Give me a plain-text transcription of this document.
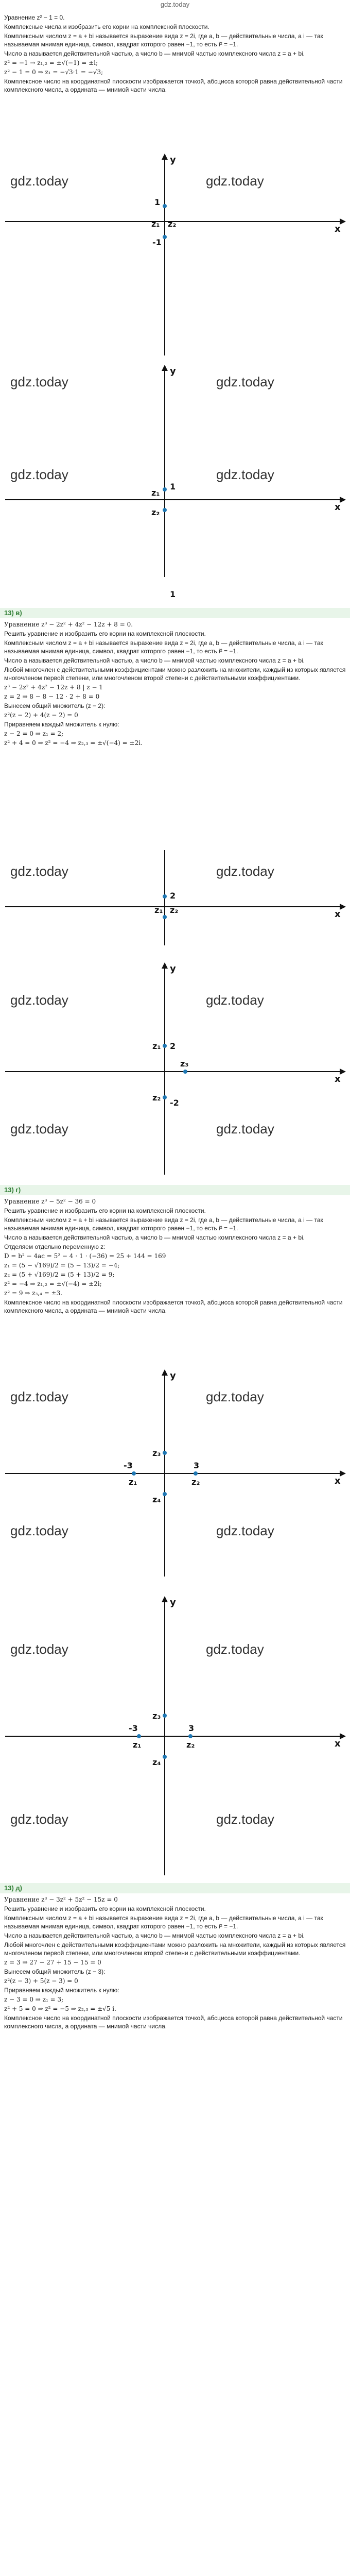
gdz.today

Уравнение z² − 1 = 0.

Комплексные числа и изобразить его корни на комплексной плоскости.

Комплексным числом z = a + bi называется выражение вида z = 2i, где a, b — действительные числа, а i — так называемая мнимая единица, символ, квадрат которого равен −1, то есть i² = −1.

Число a называется действительной частью, а число b — мнимой частью комплексного числа z = a + bi.

z² = −1 → z₁,₂ = ±√(−1) = ±i;

z² − 1 = 0 ⇒ z₁ = −√3·1 = −√3;

Комплексное число на координатной плоскости изображается точкой, абсцисса которой равна действительной части комплексного числа, а ордината — мнимой части числа.

gdz.today	gdz.today
y
x
z₁ z₂
1
-1
gdz.today	gdz.today
gdz.today	gdz.today
y
x
z₁
z₂
1
1
13) в)

Уравнение z³ − 2z² + 4z² − 12z + 8 = 0.

Решить уравнение и изобразить его корни на комплексной плоскости.

Комплексным числом z = a + bi называется выражение вида z = 2i, где a, b — действительные числа, а i — так называемая мнимая единица, символ, квадрат которого равен −1, то есть i² = −1.

Число a называется действительной частью, а число b — мнимой частью комплексного числа z = a + bi.

Любой многочлен с действительными коэффициентами можно разложить на множители, каждый из которых является многочленом первой степени, или многочленом второй степени с действительными коэффициентами.

z³ − 2z² + 4z² − 12z + 8 | z − 1

z = 2 ⇒ 8 − 8 − 12 ⋅ 2 + 8 = 0

Вынесем общий множитель (z − 2):

z²(z − 2) + 4(z − 2) = 0

Приравняем каждый множитель к нулю:

z − 2 = 0 ⇒ z₁ = 2;

z² + 4 = 0 ⇒ z² = −4 ⇒ z₂,₃ = ±√(−4) = ±2i.

gdz.today	gdz.today
x
2
z₁ z₂
gdz.today	gdz.today
gdz.today	gdz.today
y
x
z₁
z₂
z₃
2
-2
13) г)

Уравнение z³ − 5z² − 36 = 0

Решить уравнение и изобразить его корни на комплексной плоскости.

Комплексным числом z = a + bi называется выражение вида z = 2i, где a, b — действительные числа, а i — так называемая мнимая единица, символ, квадрат которого равен −1, то есть i² = −1.

Число a называется действительной частью, а число b — мнимой частью комплексного числа z = a + bi.

Отделяем отдельно переменную z:

D = b² − 4ac = 5² − 4 ⋅ 1 ⋅ (−36) = 25 + 144 = 169

z₁ = (5 − √169)/2 = (5 − 13)/2 = −4;

z₂ = (5 + √169)/2 = (5 + 13)/2 = 9;

z² = −4 ⇒ z₁,₂ = ±√(−4) = ±2i;

z² = 9 ⇒ z₃,₄ = ±3.

Комплексное число на координатной плоскости изображается точкой, абсцисса которой равна действительной части комплексного числа, а ордината — мнимой части числа.

gdz.today	gdz.today
gdz.today	gdz.today
y
x
-3	3
z₁	z₂
z₃
z₄
gdz.today	gdz.today
gdz.today	gdz.today
y
x
-3	3
z₁	z₂
z₃
z₄
13) д)

Уравнение z³ − 3z² + 5z² − 15z = 0

Решить уравнение и изобразить его корни на комплексной плоскости.

Комплексным числом z = a + bi называется выражение вида z = 2i, где a, b — действительные числа, а i — так называемая мнимая единица, символ, квадрат которого равен −1, то есть i² = −1.

Число a называется действительной частью, а число b — мнимой частью комплексного числа z = a + bi.

Любой многочлен с действительными коэффициентами можно разложить на множители, каждый из которых является многочленом первой степени, или многочленом второй степени с действительными коэффициентами.

z = 3 ⇒ 27 − 27 + 15 − 15 = 0

Вынесем общий множитель (z − 3):

z²(z − 3) + 5(z − 3) = 0

Приравняем каждый множитель к нулю:

z − 3 = 0 ⇒ z₁ = 3;

z² + 5 = 0 ⇒ z² = −5 ⇒ z₂,₃ = ±√5 i.

Комплексное число на координатной плоскости изображается точкой, абсцисса которой равна действительной части комплексного числа, а ордината — мнимой части числа.
